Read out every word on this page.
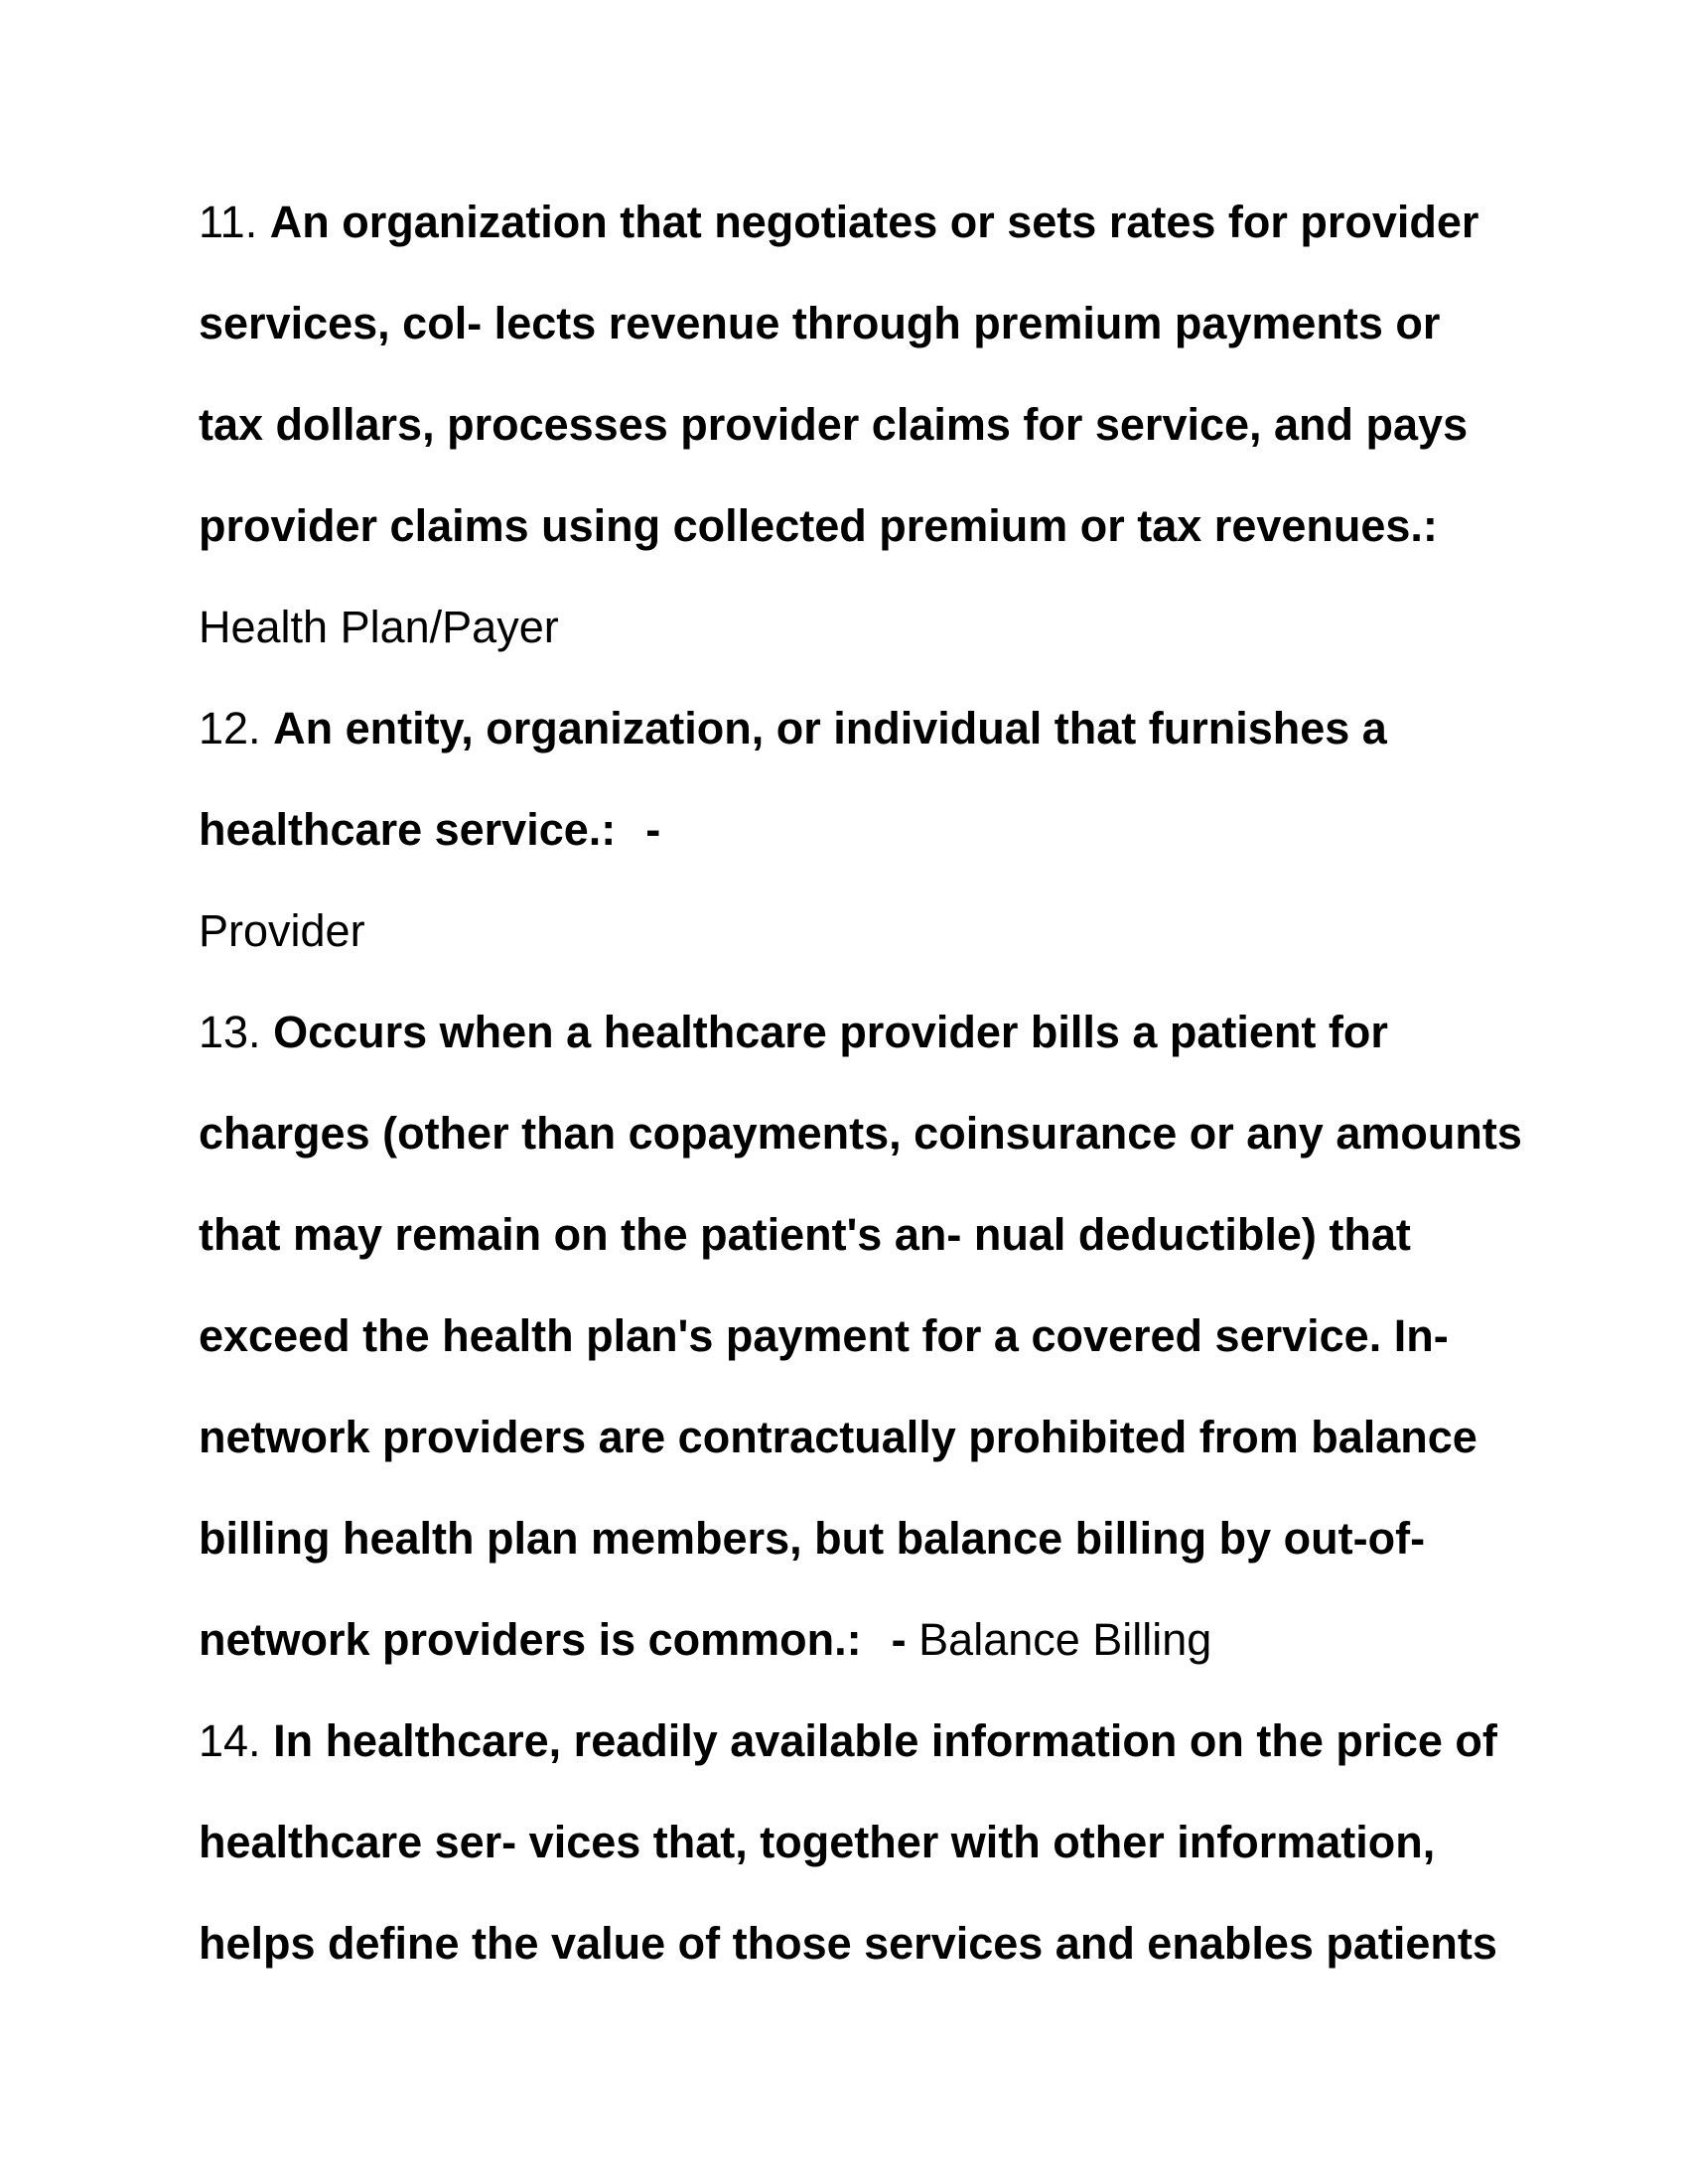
11. An organization that negotiates or sets rates for provider
services, col- lects revenue through premium payments or
tax dollars, processes provider claims for service, and pays
provider claims using collected premium or tax revenues.:
Health Plan/Payer
12. An entity, organization, or individual that furnishes a
healthcare service.: -
Provider
13. Occurs when a healthcare provider bills a patient for
charges (other than copayments, coinsurance or any amounts
that may remain on the patient's an- nual deductible) that
exceed the health plan's payment for a covered service. In-
network providers are contractually prohibited from balance
billing health plan members, but balance billing by out-of-
network providers is common.: - Balance Billing
14. In healthcare, readily available information on the price of
healthcare ser- vices that, together with other information,
helps define the value of those services and enables patients
